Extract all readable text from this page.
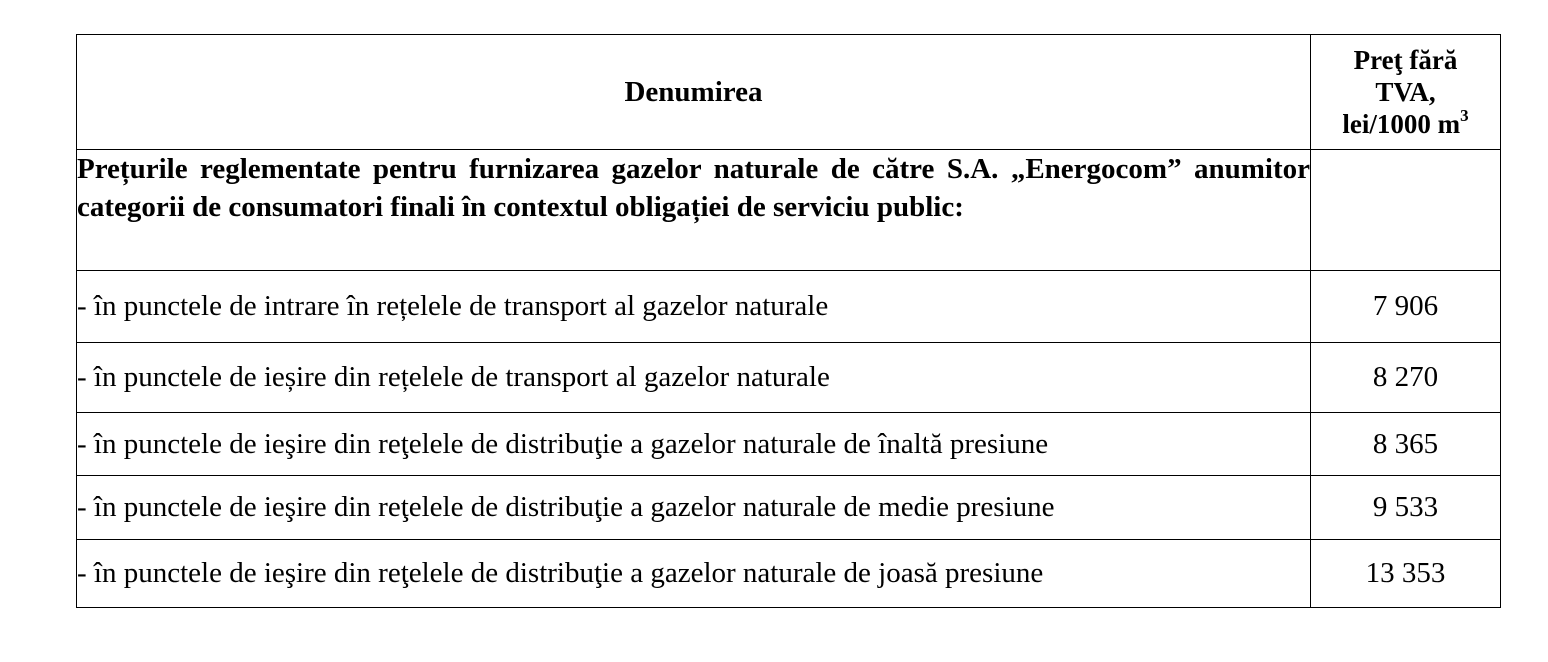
Denumirea	Preţ fără
TVA,
lei/1000 $m^3$
Prețurile reglementate pentru furnizarea gazelor naturale de către S.A. „Energocom” anumitor categorii de consumatori finali în contextul obligației de serviciu public:	
- în punctele de intrare în rețelele de transport al gazelor naturale	7 906
- în punctele de ieșire din rețelele de transport al gazelor naturale	8 270
- în punctele de ieşire din reţelele de distribuţie a gazelor naturale de înaltă presiune	8 365
- în punctele de ieşire din reţelele de distribuţie a gazelor naturale de medie presiune	9 533
- în punctele de ieşire din reţelele de distribuţie a gazelor naturale de joasă presiune	13 353
